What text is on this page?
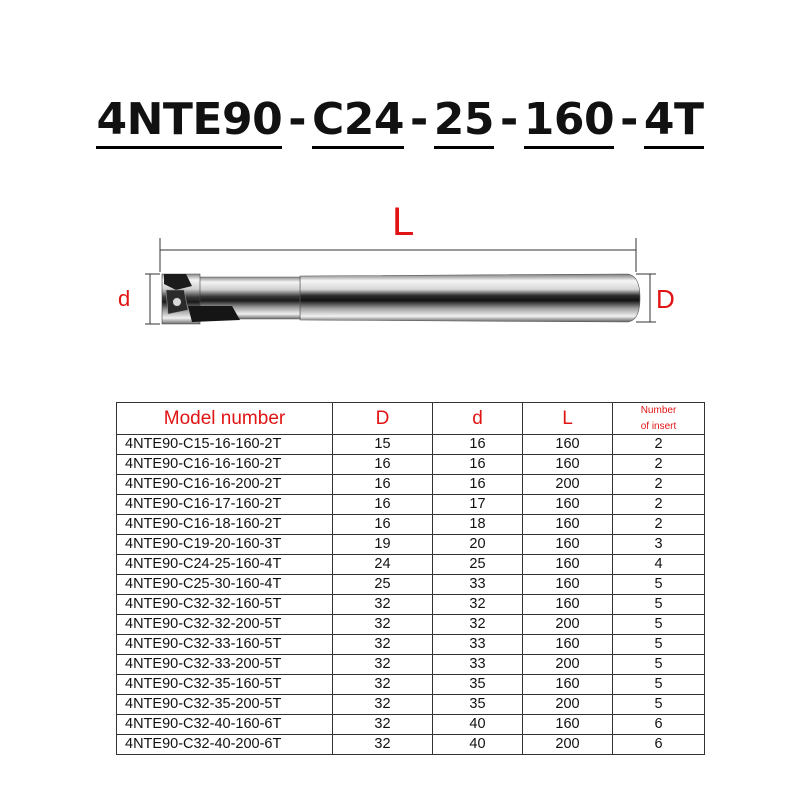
4NTE90 - C24 - 25 - 160 - 4T
L
d	D
Model number	D	d	L	Number
of insert
4NTE90-C15-16-160-2T	15	16	160	2
4NTE90-C16-16-160-2T	16	16	160	2
4NTE90-C16-16-200-2T	16	16	200	2
4NTE90-C16-17-160-2T	16	17	160	2
4NTE90-C16-18-160-2T	16	18	160	2
4NTE90-C19-20-160-3T	19	20	160	3
4NTE90-C24-25-160-4T	24	25	160	4
4NTE90-C25-30-160-4T	25	33	160	5
4NTE90-C32-32-160-5T	32	32	160	5
4NTE90-C32-32-200-5T	32	32	200	5
4NTE90-C32-33-160-5T	32	33	160	5
4NTE90-C32-33-200-5T	32	33	200	5
4NTE90-C32-35-160-5T	32	35	160	5
4NTE90-C32-35-200-5T	32	35	200	5
4NTE90-C32-40-160-6T	32	40	160	6
4NTE90-C32-40-200-6T	32	40	200	6
